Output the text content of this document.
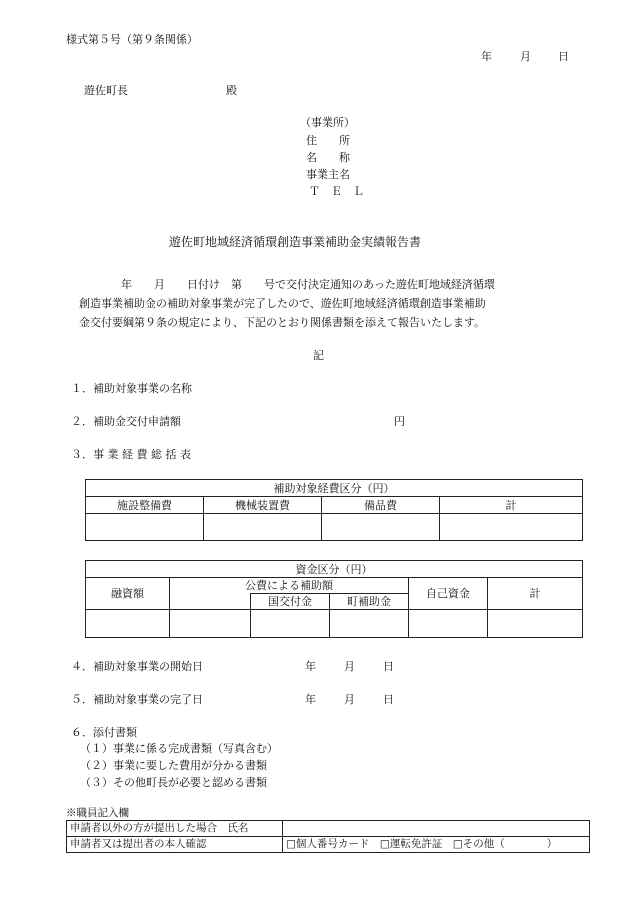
様式第５号（第９条関係）
年	月 日
遊佐町長	殿
（事業所）
住　　所
名　　称
事業主名
Ｔ　Ｅ　Ｌ
遊佐町地域経済循環創造事業補助金実績報告書
年　　月　　日付け　第　　号で交付決定通知のあった遊佐町地域経済循環
創造事業補助金の補助対象事業が完了したので、遊佐町地域経済循環創造事業補助
金交付要綱第９条の規定により、下記のとおり関係書類を添えて報告いたします。
記
１．補助対象事業の名称
２．補助金交付申請額	円
３．事 業 経 費 総 括 表
補助対象経費区分（円）			
施設整備費	機械装置費	備品費	計

資金区分（円）					
融資額	公費による補助額			自己資金	計
		国交付金	町補助金		

４．補助対象事業の開始日	年	月	日
５．補助対象事業の完了日	年	月	日
６．添付書類
（１）事業に係る完成書類（写真含む）
（２）事業に要した費用が分かる書類
（３）その他町長が必要と認める書類
※職員記入欄
申請者以外の方が提出した場合　氏名	
申請者又は提出者の本人確認	□個人番号カード　□運転免許証　□その他（　　　　）
